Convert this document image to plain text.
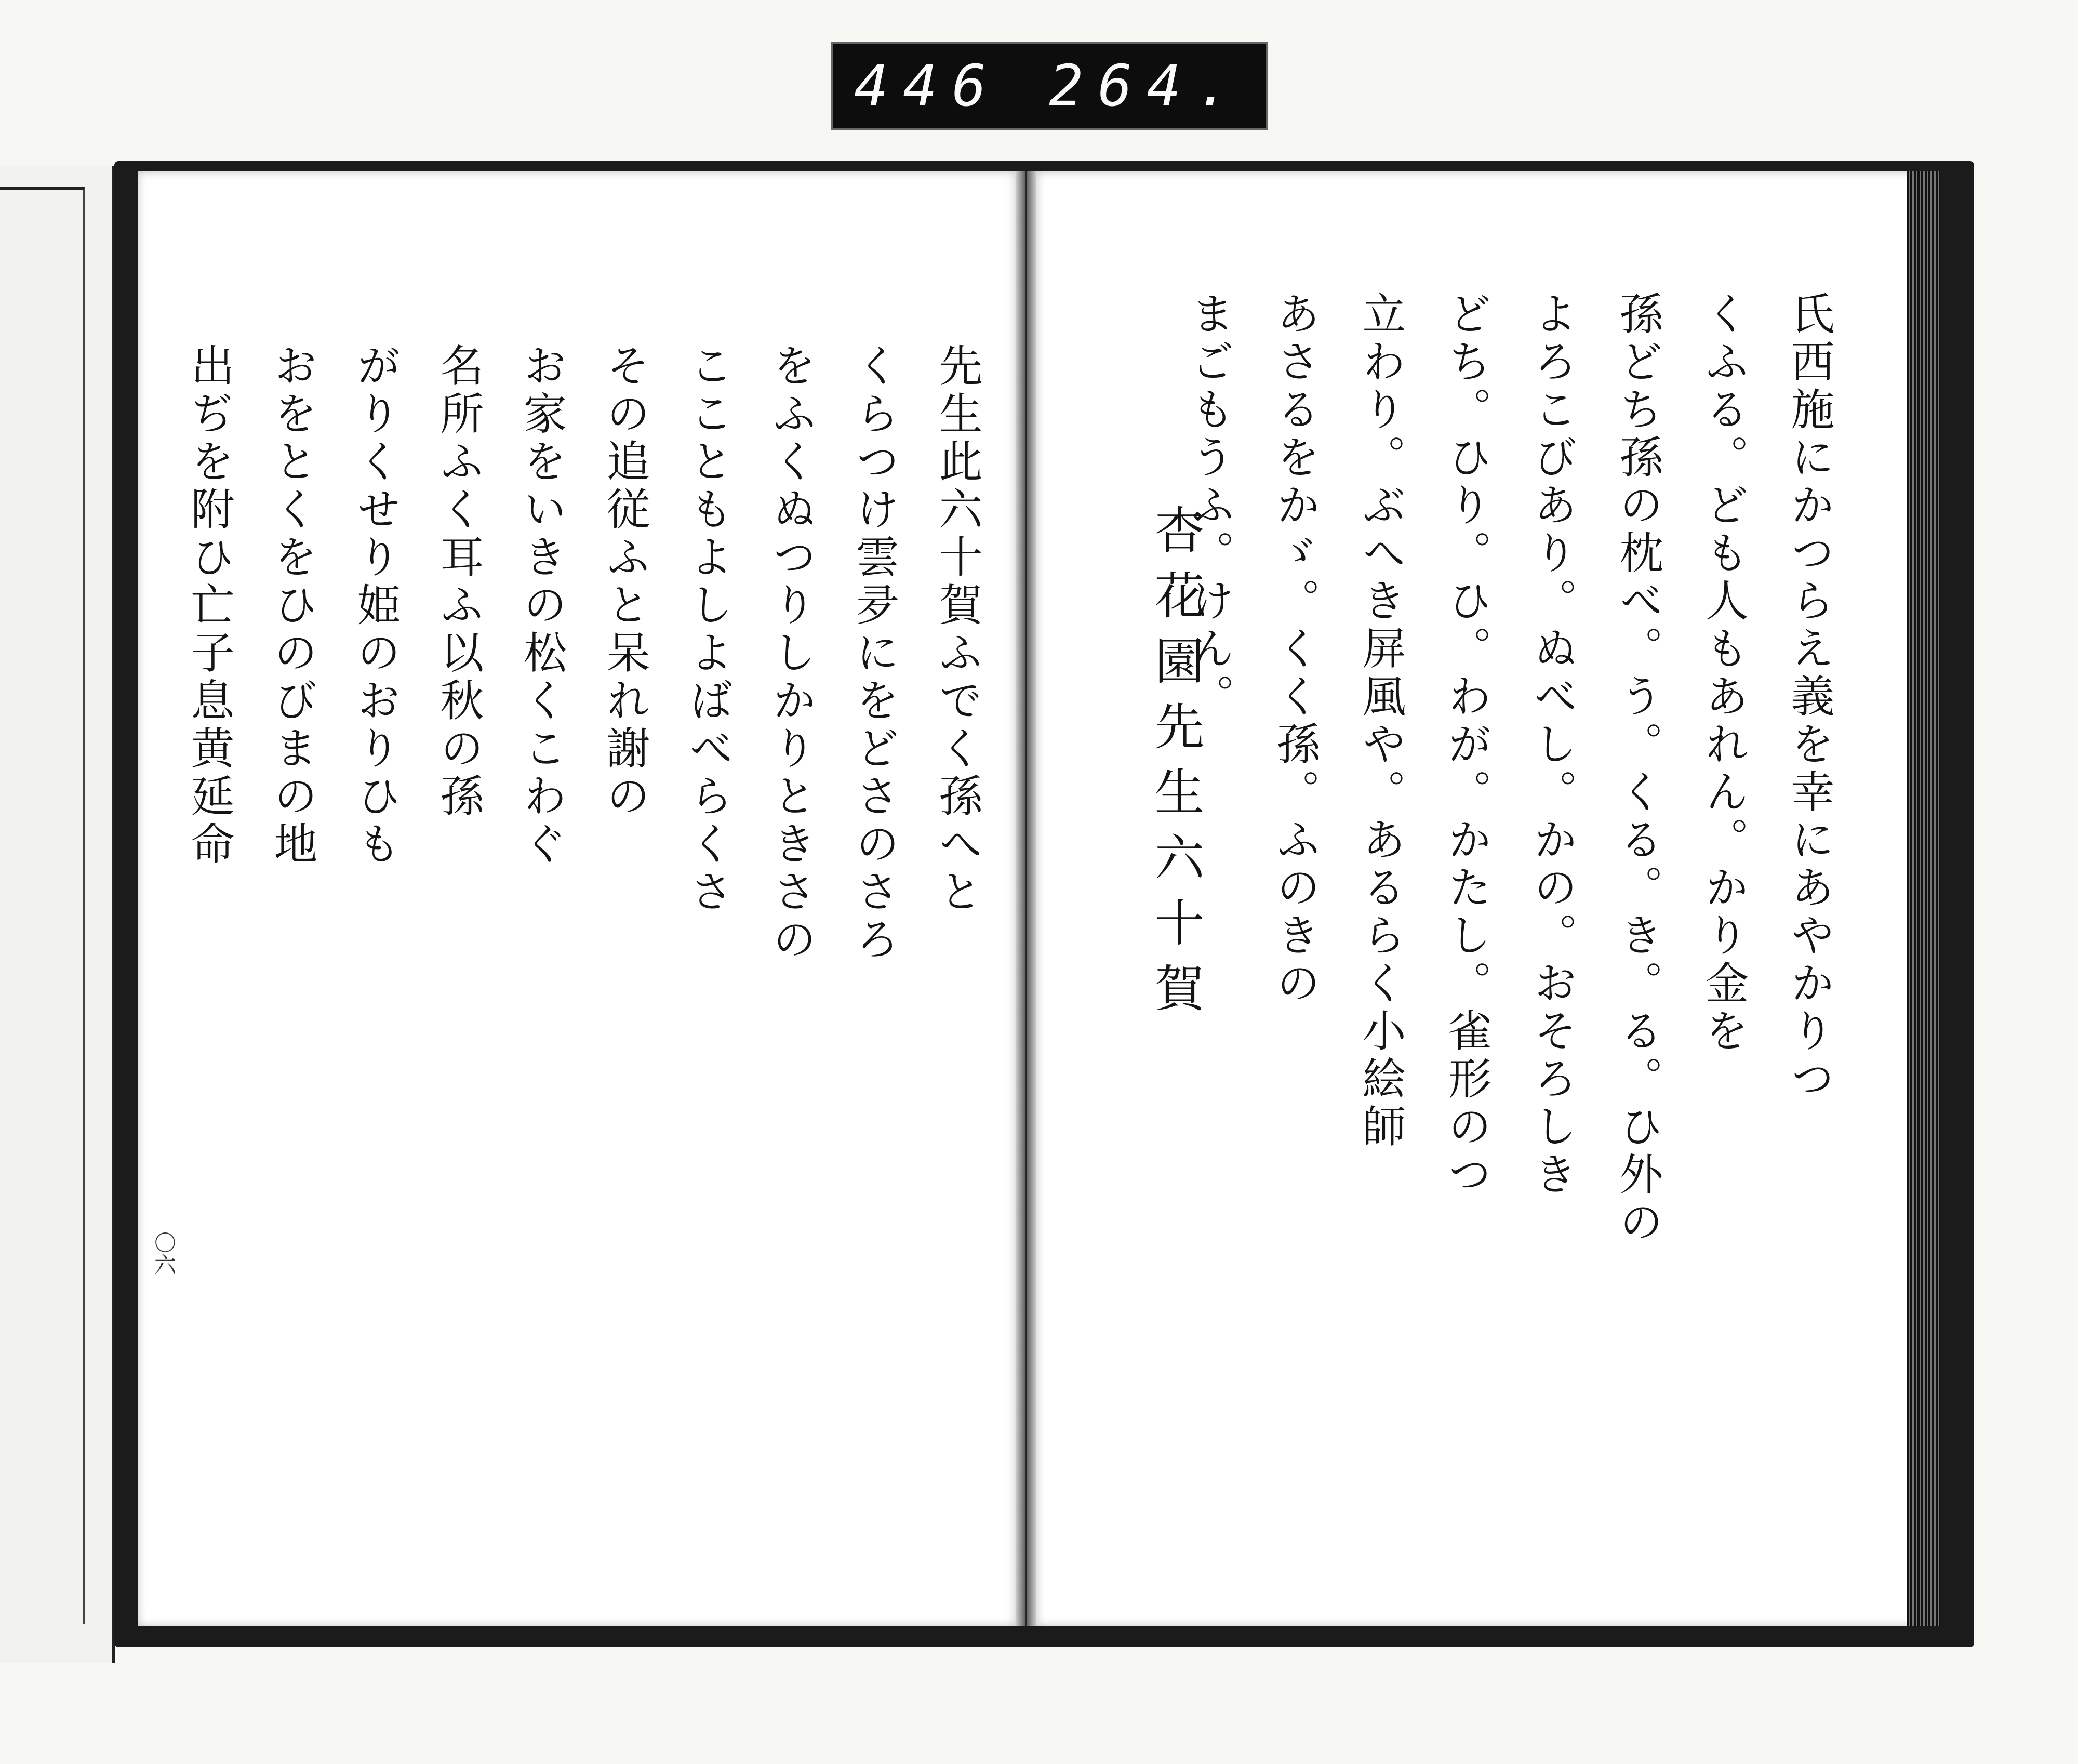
446 264.
先生此六十賀ふでく孫へと
くらつけ雲夛にをどさのさろ
をふくぬつりしかりときさの
ここともよしよばべらくさ
その追従ふと呆れ謝の
お家をいきの松くこわぐ
名所ふく耳ふ以秋の孫
がりくせり姫のおりひも
おをとくをひのびまの地
出ぢを附ひ亡子息黄延命
〇六
氏西施にかつらえ義を幸にあやかりつ
くふる。ども人もあれん。かり金を
孫どち孫の枕べ。う。くる。き。る。ひ外の
よろこびあり。ぬべし。かの。おそろしき
どち。ひり。ひ。わが。かたし。雀形のつ
立わり。ぶへき屏風や。あるらく小絵師
あさるをかゞ。くく孫。ふのきの
まごもうふ。けん。
杏花園先生六十賀
